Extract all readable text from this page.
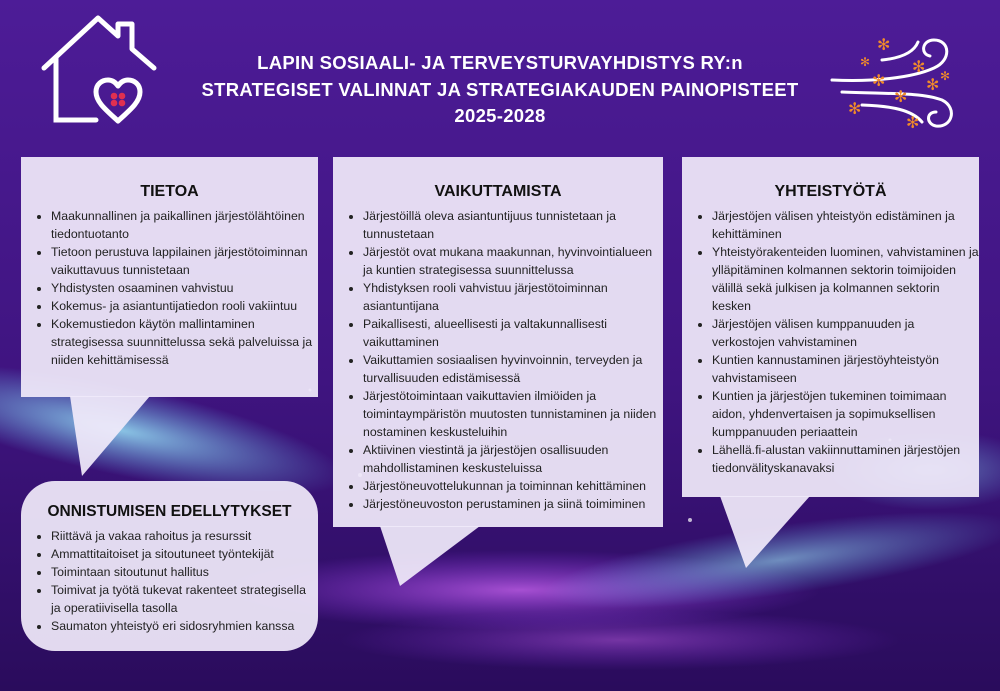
LAPIN SOSIAALI- JA TERVEYSTURVAYHDISTYS RY:n
STRATEGISET VALINNAT JA STRATEGIAKAUDEN PAINOPISTEET
2025-2028
✻
✻
✻	✻
✻
✻
✻
✻
✻
TIETOA
• Maakunnallinen ja paikallinen järjestölähtöinen tiedontuotanto
• Tietoon perustuva lappilainen järjestötoiminnan vaikuttavuus tunnistetaan
• Yhdistysten osaaminen vahvistuu
• Kokemus- ja asiantuntijatiedon rooli vakiintuu
• Kokemustiedon käytön mallintaminen strategisessa suunnittelussa sekä palveluissa ja niiden kehittämisessä
VAIKUTTAMISTA
• Järjestöillä oleva asiantuntijuus tunnistetaan ja tunnustetaan
• Järjestöt ovat mukana maakunnan, hyvinvointialueen ja kuntien strategisessa suunnittelussa
• Yhdistyksen rooli vahvistuu järjestötoiminnan asiantuntijana
• Paikallisesti, alueellisesti ja valtakunnallisesti vaikuttaminen
• Vaikuttamien sosiaalisen hyvinvoinnin, terveyden ja turvallisuuden edistämisessä
• Järjestötoimintaan vaikuttavien ilmiöiden ja toimintaympäristön muutosten tunnistaminen ja niiden nostaminen keskusteluihin
• Aktiivinen viestintä ja järjestöjen osallisuuden mahdollistaminen keskusteluissa
• Järjestöneuvottelukunnan ja toiminnan kehittäminen
• Järjestöneuvoston perustaminen ja siinä toimiminen
YHTEISTYÖTÄ
• Järjestöjen välisen yhteistyön edistäminen ja kehittäminen
• Yhteistyörakenteiden luominen, vahvistaminen ja ylläpitäminen kolmannen sektorin toimijoiden välillä sekä julkisen ja kolmannen sektorin kesken
• Järjestöjen välisen kumppanuuden ja verkostojen vahvistaminen
• Kuntien kannustaminen järjestöyhteistyön vahvistamiseen
• Kuntien ja järjestöjen tukeminen toimimaan aidon, yhdenvertaisen ja sopimuksellisen kumppanuuden periaattein
• Lähellä.fi-alustan vakiinnuttaminen järjestöjen tiedonvälityskanavaksi
ONNISTUMISEN EDELLYTYKSET
• Riittävä ja vakaa rahoitus ja resurssit
• Ammattitaitoiset ja sitoutuneet työntekijät
• Toimintaan sitoutunut hallitus
• Toimivat ja työtä tukevat rakenteet strategisella ja operatiivisella tasolla
• Saumaton yhteistyö eri sidosryhmien kanssa
